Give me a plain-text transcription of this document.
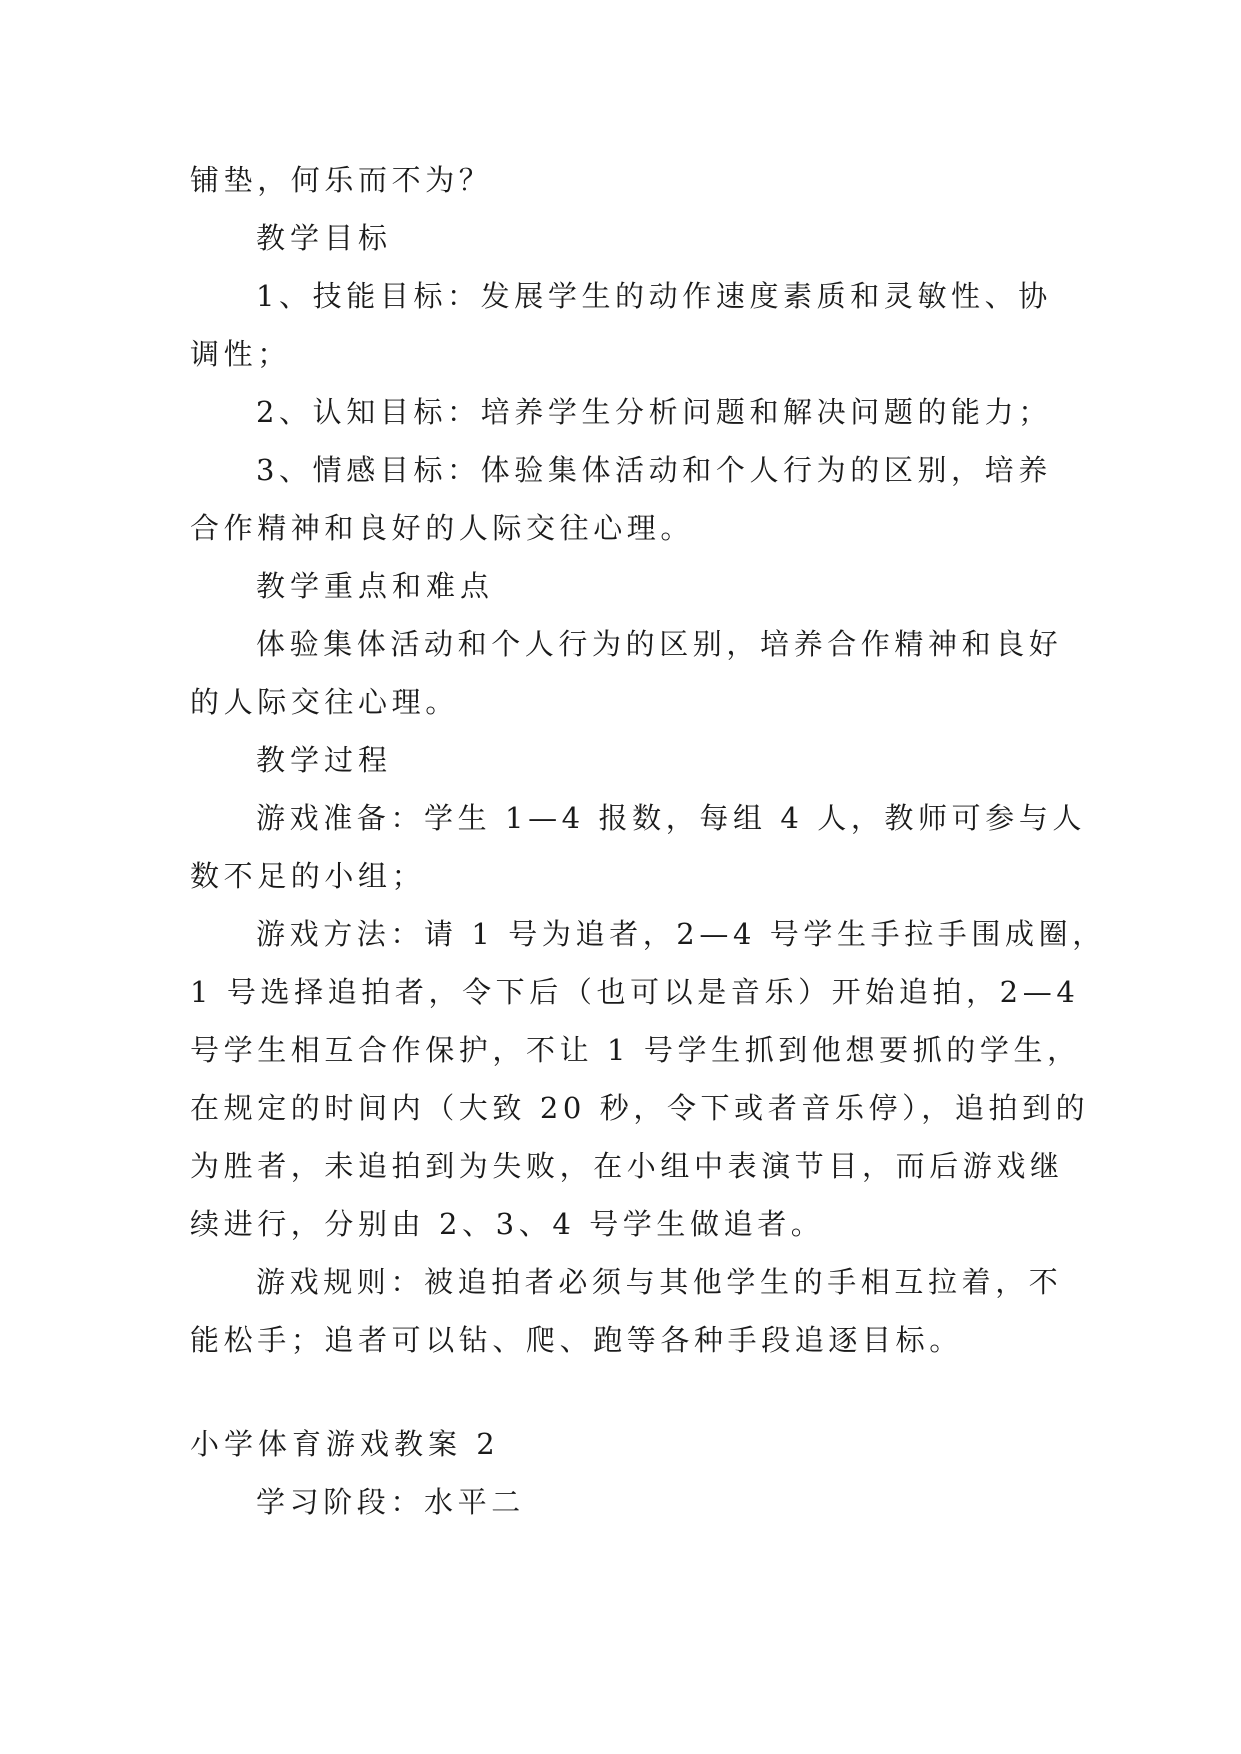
铺垫，何乐而不为？
教学目标
1、技能目标：发展学生的动作速度素质和灵敏性、协
调性；
2、认知目标：培养学生分析问题和解决问题的能力；
3、情感目标：体验集体活动和个人行为的区别，培养
合作精神和良好的人际交往心理。
教学重点和难点
体验集体活动和个人行为的区别，培养合作精神和良好
的人际交往心理。
教学过程
游戏准备：学生 1—4 报数，每组 4 人，教师可参与人
数不足的小组；
游戏方法：请 1 号为追者，2—4 号学生手拉手围成圈，
1 号选择追拍者，令下后（也可以是音乐）开始追拍，2—4
号学生相互合作保护，不让 1 号学生抓到他想要抓的学生，
在规定的时间内（大致 20 秒，令下或者音乐停），追拍到的
为胜者，未追拍到为失败，在小组中表演节目，而后游戏继
续进行，分别由 2、3、4 号学生做追者。
游戏规则：被追拍者必须与其他学生的手相互拉着，不
能松手；追者可以钻、爬、跑等各种手段追逐目标。
小学体育游戏教案 2
学习阶段：水平二
